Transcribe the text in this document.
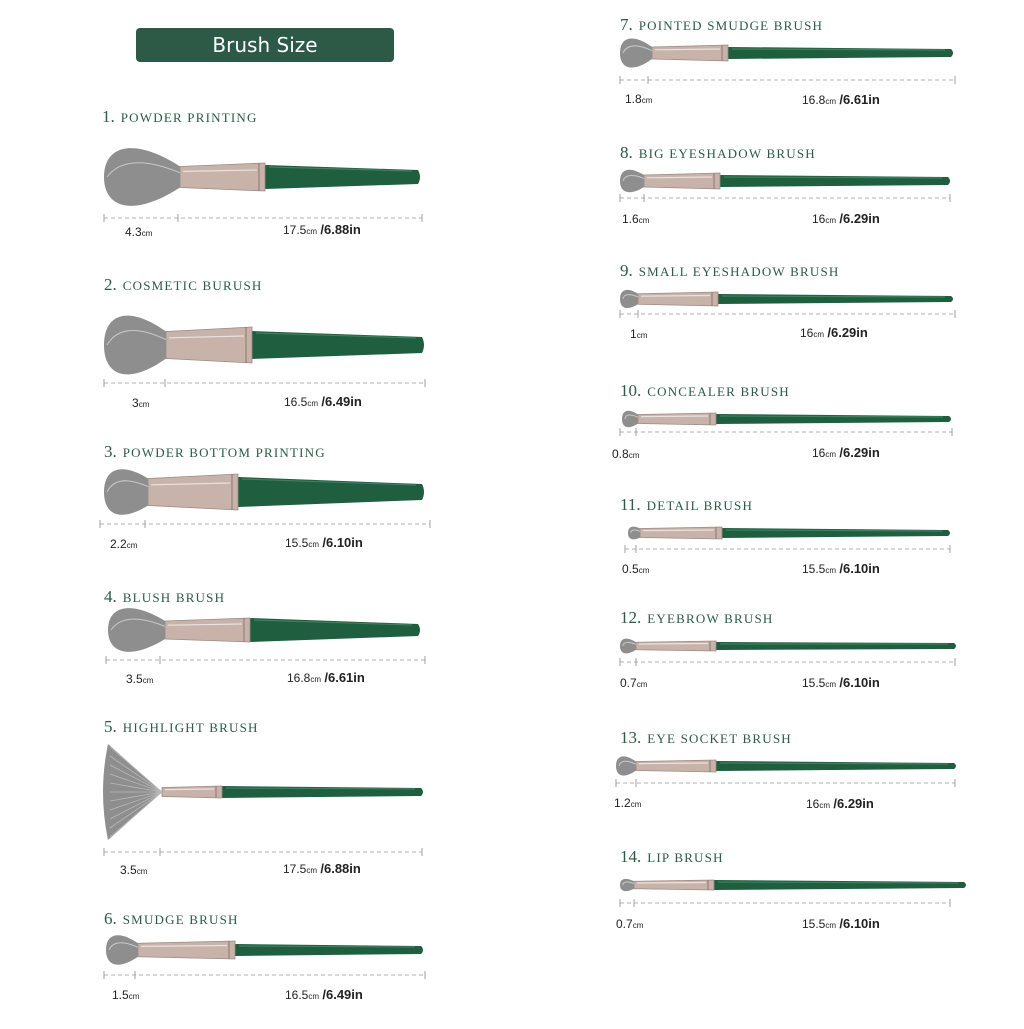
Brush Size
1. POWDER PRINTING
4.3cm	17.5cm /6.88in
2. COSMETIC BURUSH
3cm	16.5cm /6.49in
3. POWDER BOTTOM PRINTING
2.2cm	15.5cm /6.10in
4. BLUSH BRUSH
3.5cm	16.8cm /6.61in
5. HIGHLIGHT BRUSH
3.5cm	17.5cm /6.88in
6. SMUDGE BRUSH
1.5cm	16.5cm /6.49in
7. POINTED SMUDGE BRUSH
1.8cm	16.8cm /6.61in
8. BIG EYESHADOW BRUSH
1.6cm	16cm /6.29in
9. SMALL EYESHADOW BRUSH
1cm	16cm /6.29in
10. CONCEALER BRUSH
0.8cm	16cm /6.29in
11. DETAIL BRUSH
0.5cm	15.5cm /6.10in
12. EYEBROW BRUSH
0.7cm	15.5cm /6.10in
13. EYE SOCKET BRUSH
1.2cm	16cm /6.29in
14. LIP BRUSH
0.7cm	15.5cm /6.10in
